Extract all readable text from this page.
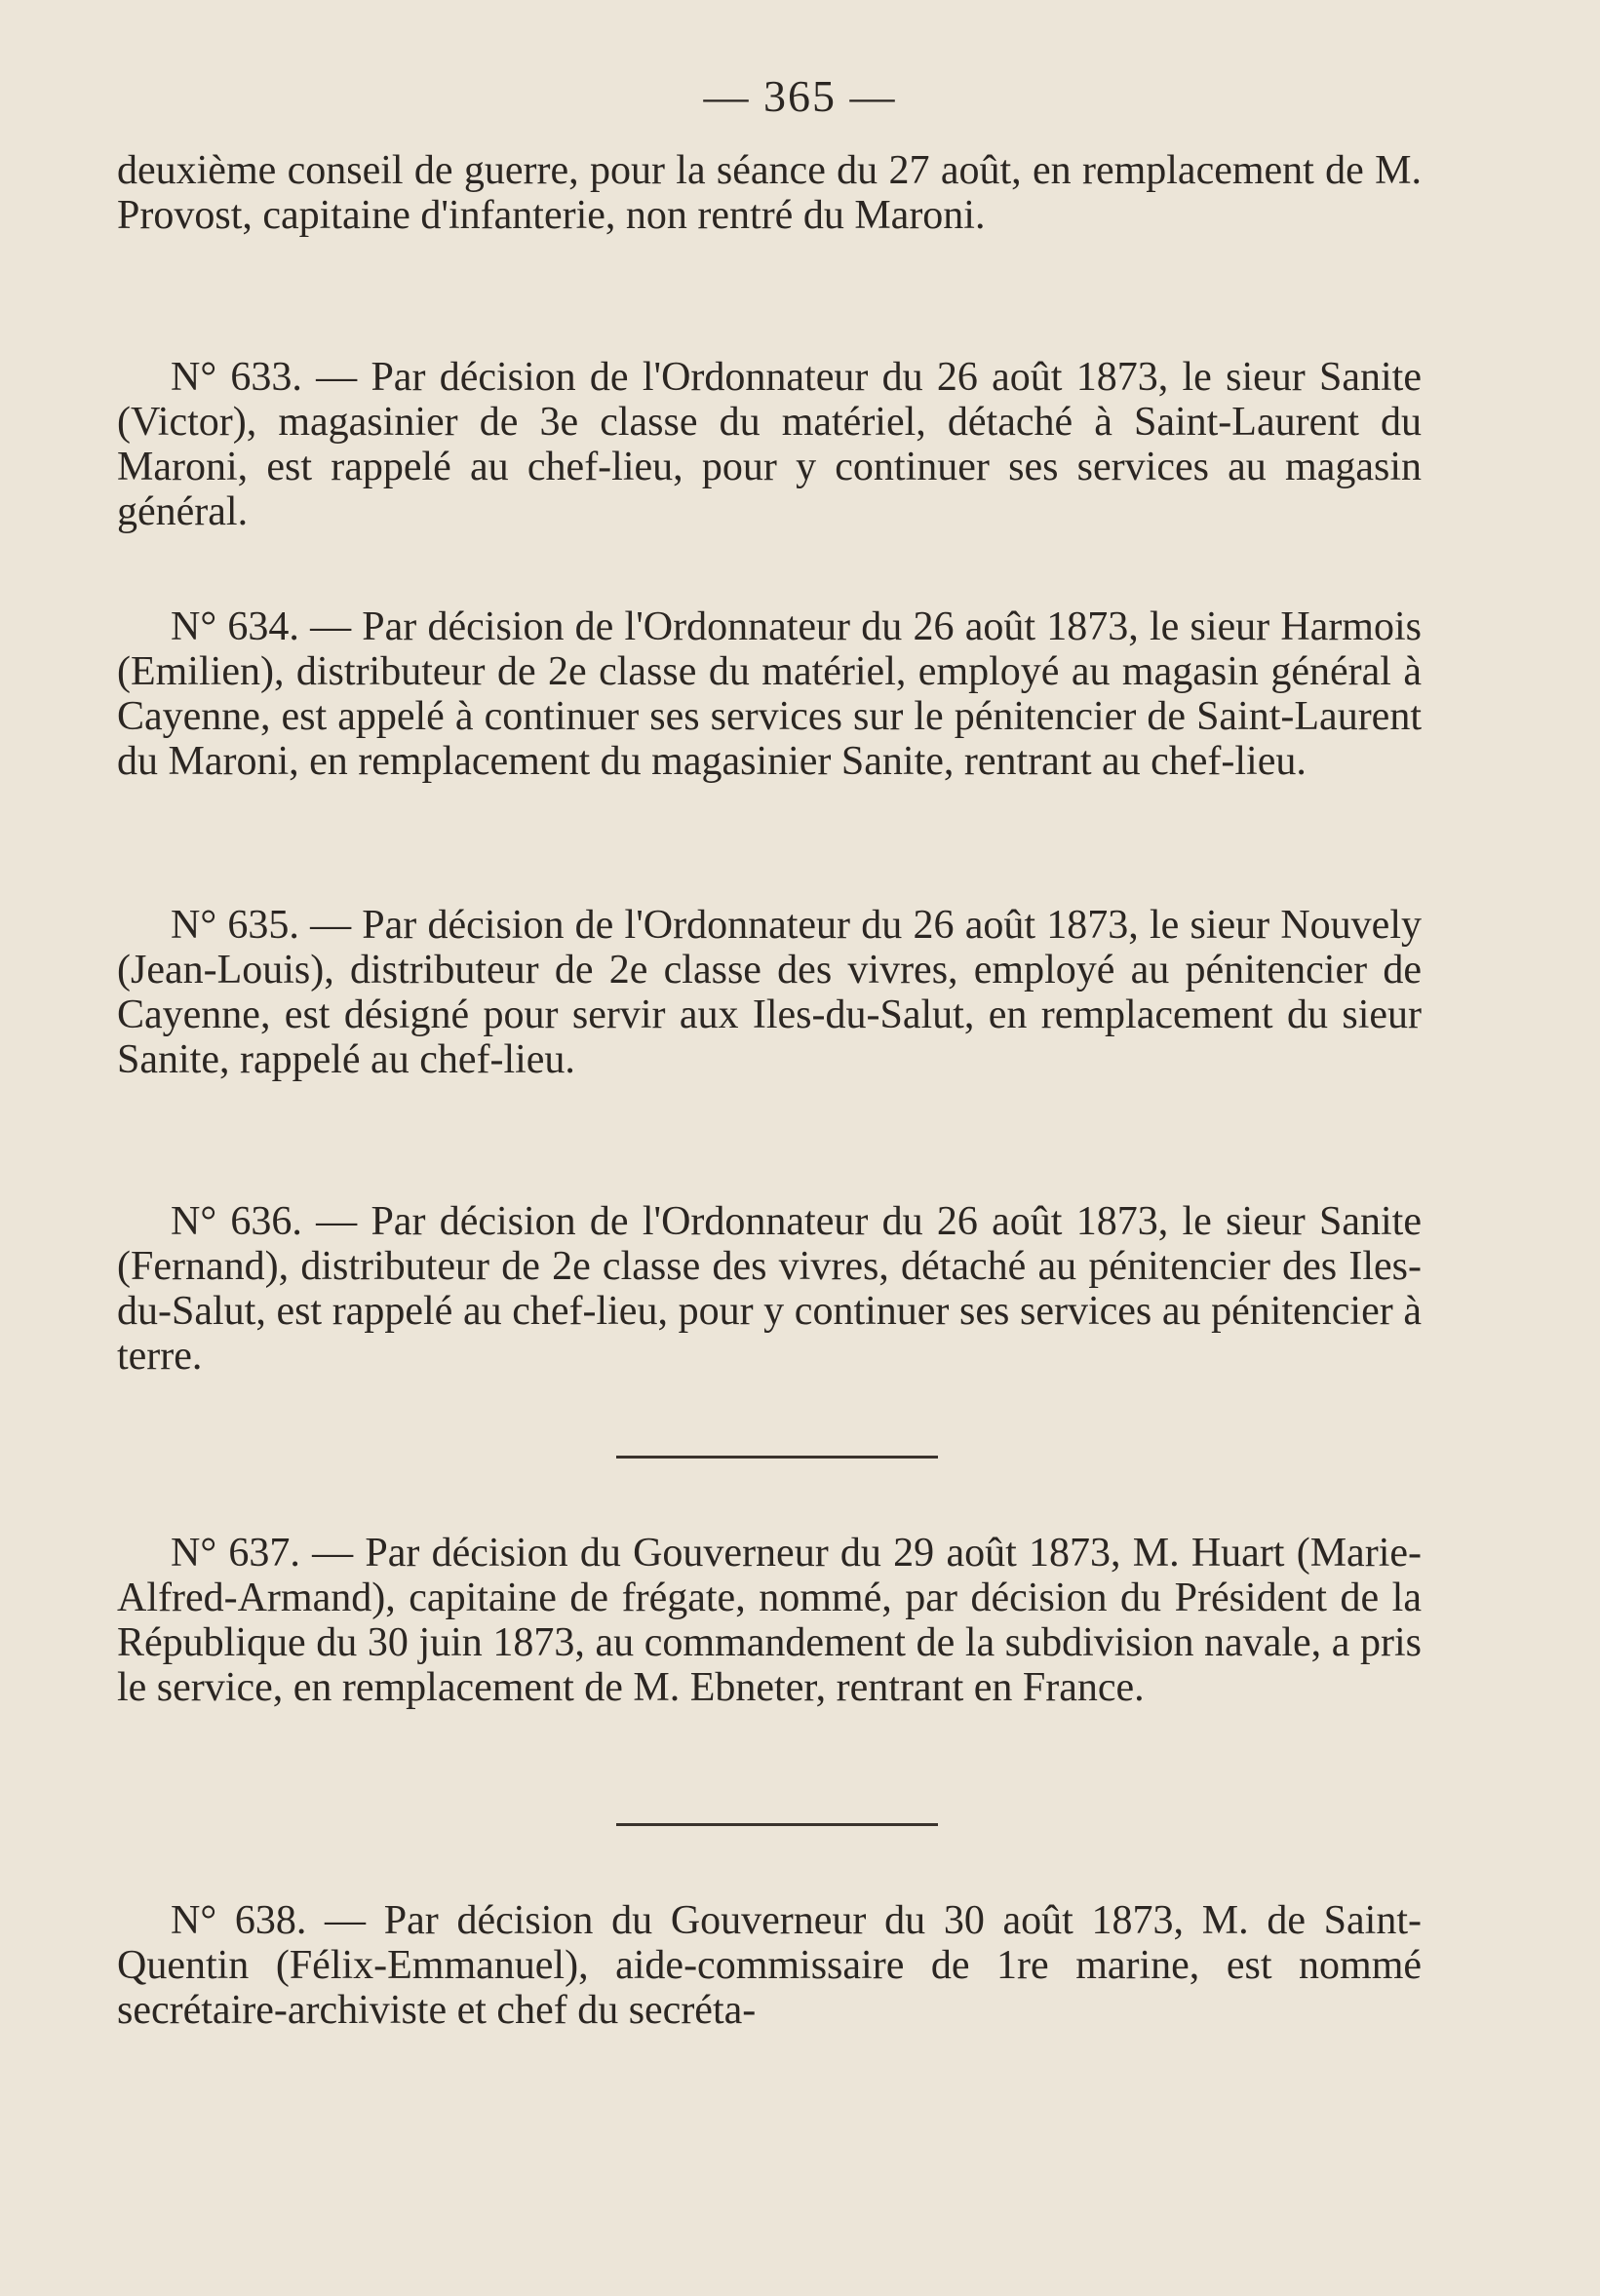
— 365 —

deuxième conseil de guerre, pour la séance du 27 août, en remplacement de M. Provost, capitaine d'infanterie, non rentré du Maroni.

N° 633. — Par décision de l'Ordonnateur du 26 août 1873, le sieur Sanite (Victor), magasinier de 3e classe du matériel, détaché à Saint-Laurent du Maroni, est rappelé au chef-lieu, pour y continuer ses services au magasin général.

N° 634. — Par décision de l'Ordonnateur du 26 août 1873, le sieur Harmois (Emilien), distributeur de 2e classe du matériel, employé au magasin général à Cayenne, est appelé à continuer ses services sur le pénitencier de Saint-Laurent du Maroni, en remplacement du magasinier Sanite, rentrant au chef-lieu.

N° 635. — Par décision de l'Ordonnateur du 26 août 1873, le sieur Nouvely (Jean-Louis), distributeur de 2e classe des vivres, employé au pénitencier de Cayenne, est désigné pour servir aux Iles-du-Salut, en remplacement du sieur Sanite, rappelé au chef-lieu.

N° 636. — Par décision de l'Ordonnateur du 26 août 1873, le sieur Sanite (Fernand), distributeur de 2e classe des vivres, détaché au pénitencier des Iles-du-Salut, est rappelé au chef-lieu, pour y continuer ses services au pénitencier à terre.

N° 637. — Par décision du Gouverneur du 29 août 1873, M. Huart (Marie-Alfred-Armand), capitaine de frégate, nommé, par décision du Président de la République du 30 juin 1873, au commandement de la subdivision navale, a pris le service, en remplacement de M. Ebneter, rentrant en France.

N° 638. — Par décision du Gouverneur du 30 août 1873, M. de Saint-Quentin (Félix-Emmanuel), aide-commissaire de 1re marine, est nommé secrétaire-archiviste et chef du secréta-
